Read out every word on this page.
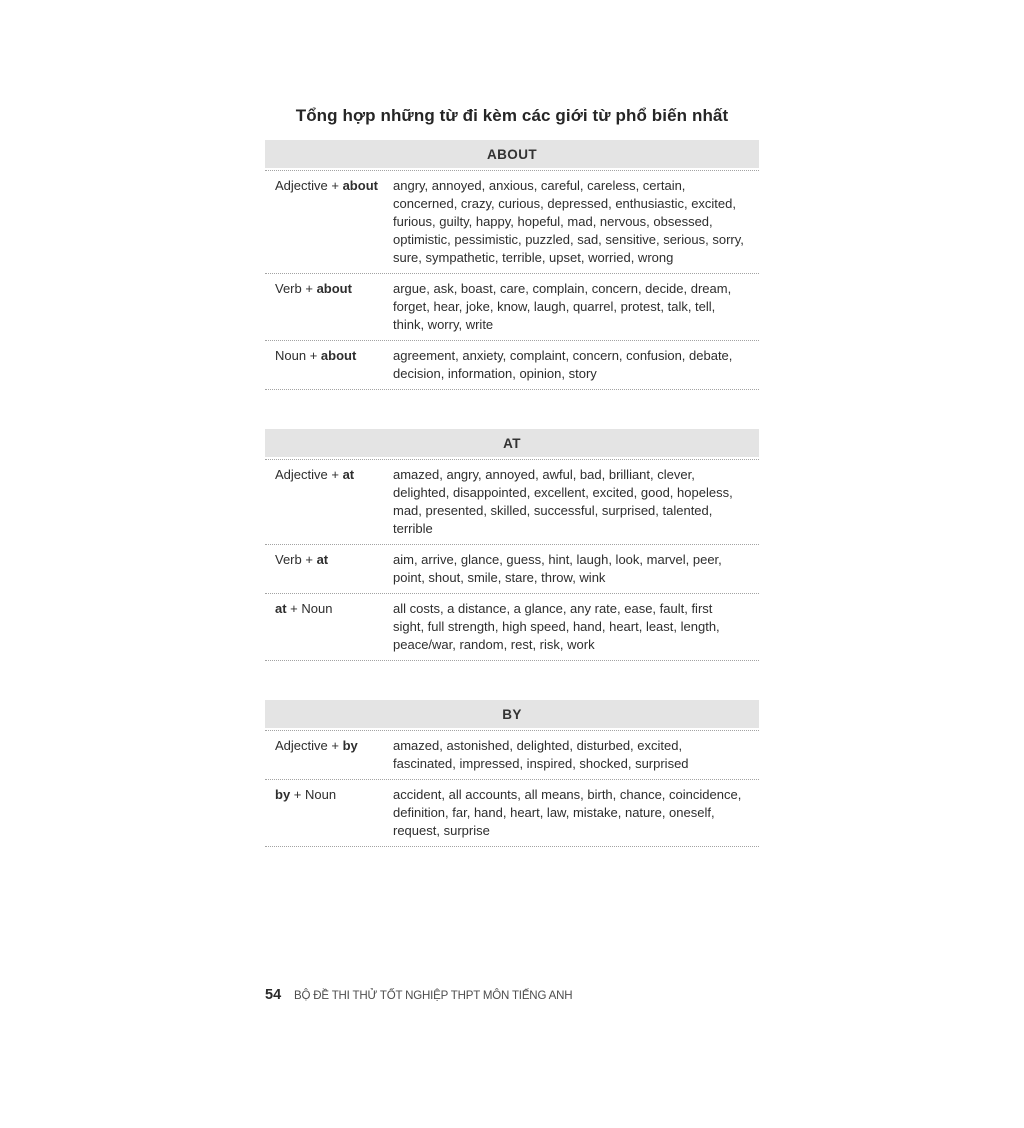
Tổng hợp những từ đi kèm các giới từ phổ biến nhất
ABOUT
Adjective + about	angry, annoyed, anxious, careful, careless, certain, concerned, crazy, curious, depressed, enthusiastic, excited, furious, guilty, happy, hopeful, mad, nervous, obsessed, optimistic, pessimistic, puzzled, sad, sensitive, serious, sorry, sure, sympathetic, terrible, upset, worried, wrong
Verb + about	argue, ask, boast, care, complain, concern, decide, dream, forget, hear, joke, know, laugh, quarrel, protest, talk, tell, think, worry, write
Noun + about	agreement, anxiety, complaint, concern, confusion, debate, decision, information, opinion, story
AT
Adjective + at	amazed, angry, annoyed, awful, bad, brilliant, clever, delighted, disappointed, excellent, excited, good, hopeless, mad, presented, skilled, successful, surprised, talented, terrible
Verb + at	aim, arrive, glance, guess, hint, laugh, look, marvel, peer, point, shout, smile, stare, throw, wink
at + Noun	all costs, a distance, a glance, any rate, ease, fault, first sight, full strength, high speed, hand, heart, least, length, peace/war, random, rest, risk, work
BY
Adjective + by	amazed, astonished, delighted, disturbed, excited, fascinated, impressed, inspired, shocked, surprised
by + Noun	accident, all accounts, all means, birth, chance, coincidence, definition, far, hand, heart, law, mistake, nature, oneself, request, surprise
54 BỘ ĐỀ THI THỬ TỐT NGHIỆP THPT MÔN TIẾNG ANH
